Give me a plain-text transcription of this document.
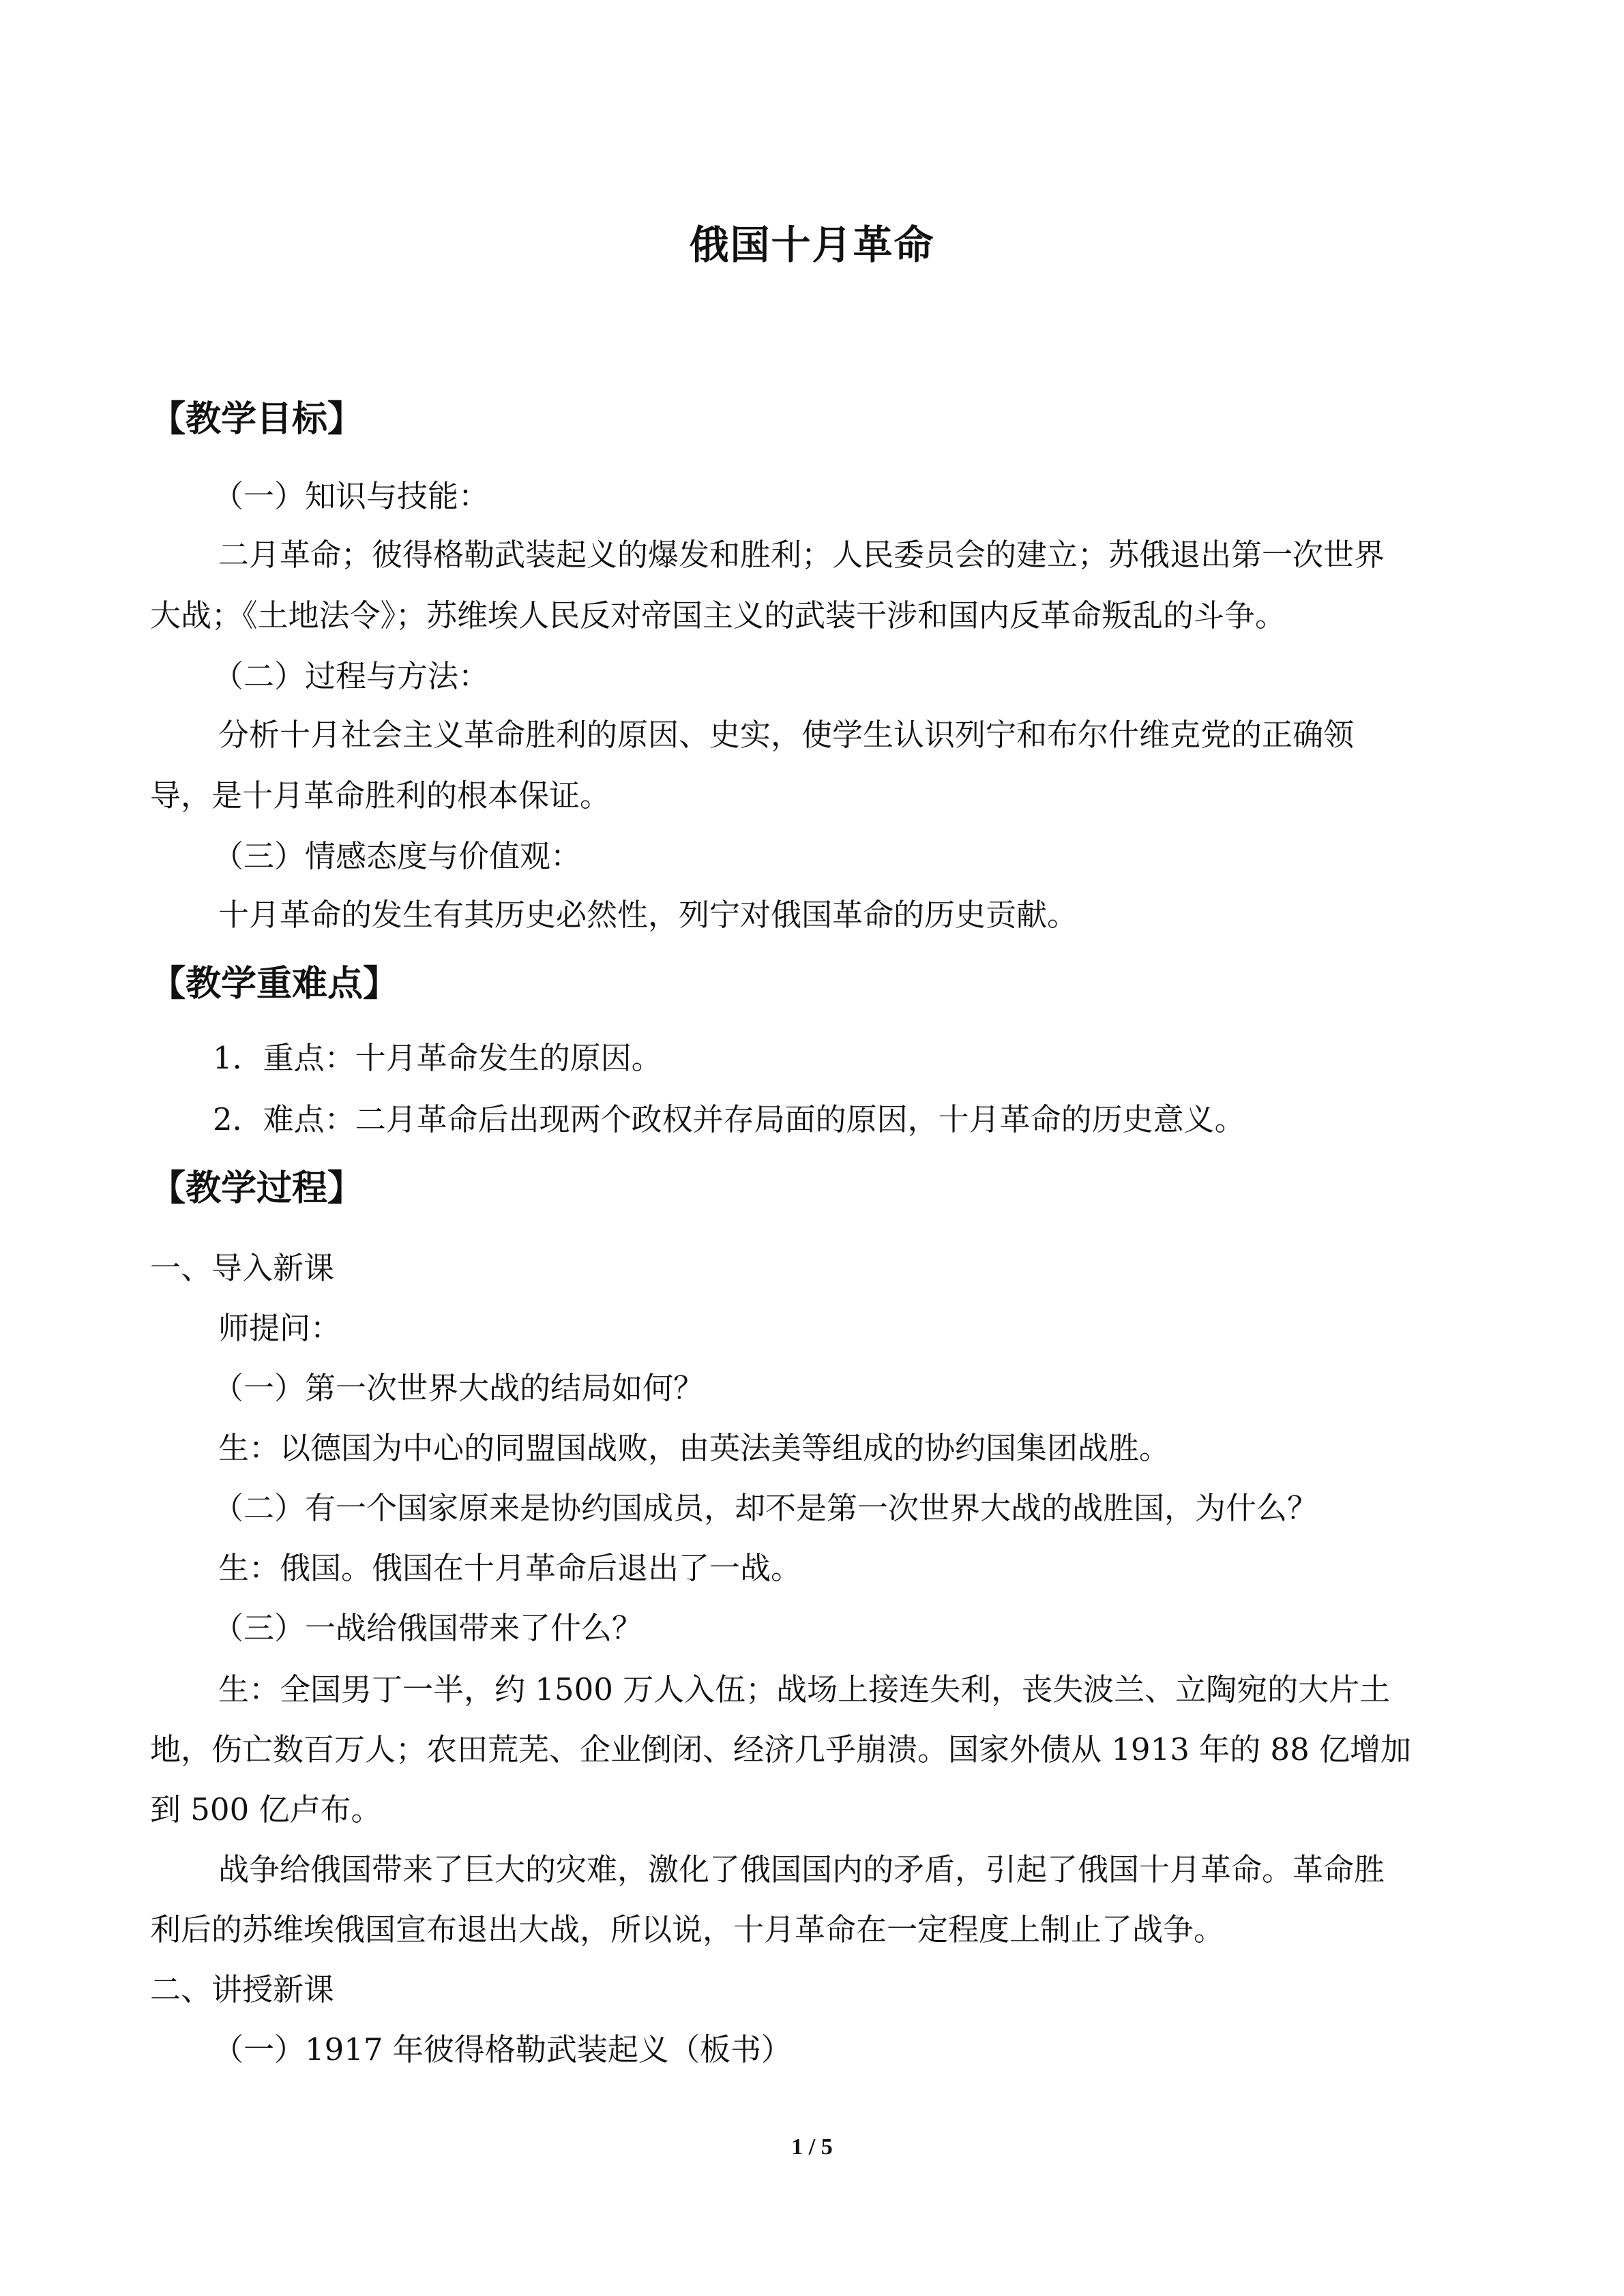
俄国十月革命
【教学目标】
（一）知识与技能：
二月革命；彼得格勒武装起义的爆发和胜利；人民委员会的建立；苏俄退出第一次世界
大战；《土地法令》；苏维埃人民反对帝国主义的武装干涉和国内反革命叛乱的斗争。
（二）过程与方法：
分析十月社会主义革命胜利的原因、史实，使学生认识列宁和布尔什维克党的正确领
导，是十月革命胜利的根本保证。
（三）情感态度与价值观：
十月革命的发生有其历史必然性，列宁对俄国革命的历史贡献。
【教学重难点】
1．重点：十月革命发生的原因。
2．难点：二月革命后出现两个政权并存局面的原因，十月革命的历史意义。
【教学过程】
一、导入新课
师提问：
（一）第一次世界大战的结局如何？
生：以德国为中心的同盟国战败，由英法美等组成的协约国集团战胜。
（二）有一个国家原来是协约国成员，却不是第一次世界大战的战胜国，为什么？
生：俄国。俄国在十月革命后退出了一战。
（三）一战给俄国带来了什么？
生：全国男丁一半，约 1500 万人入伍；战场上接连失利，丧失波兰、立陶宛的大片土
地，伤亡数百万人；农田荒芜、企业倒闭、经济几乎崩溃。国家外债从 1913 年的 88 亿增加
到 500 亿卢布。
战争给俄国带来了巨大的灾难，激化了俄国国内的矛盾，引起了俄国十月革命。革命胜
利后的苏维埃俄国宣布退出大战，所以说，十月革命在一定程度上制止了战争。
二、讲授新课
（一）1917 年彼得格勒武装起义（板书）
1 / 5
